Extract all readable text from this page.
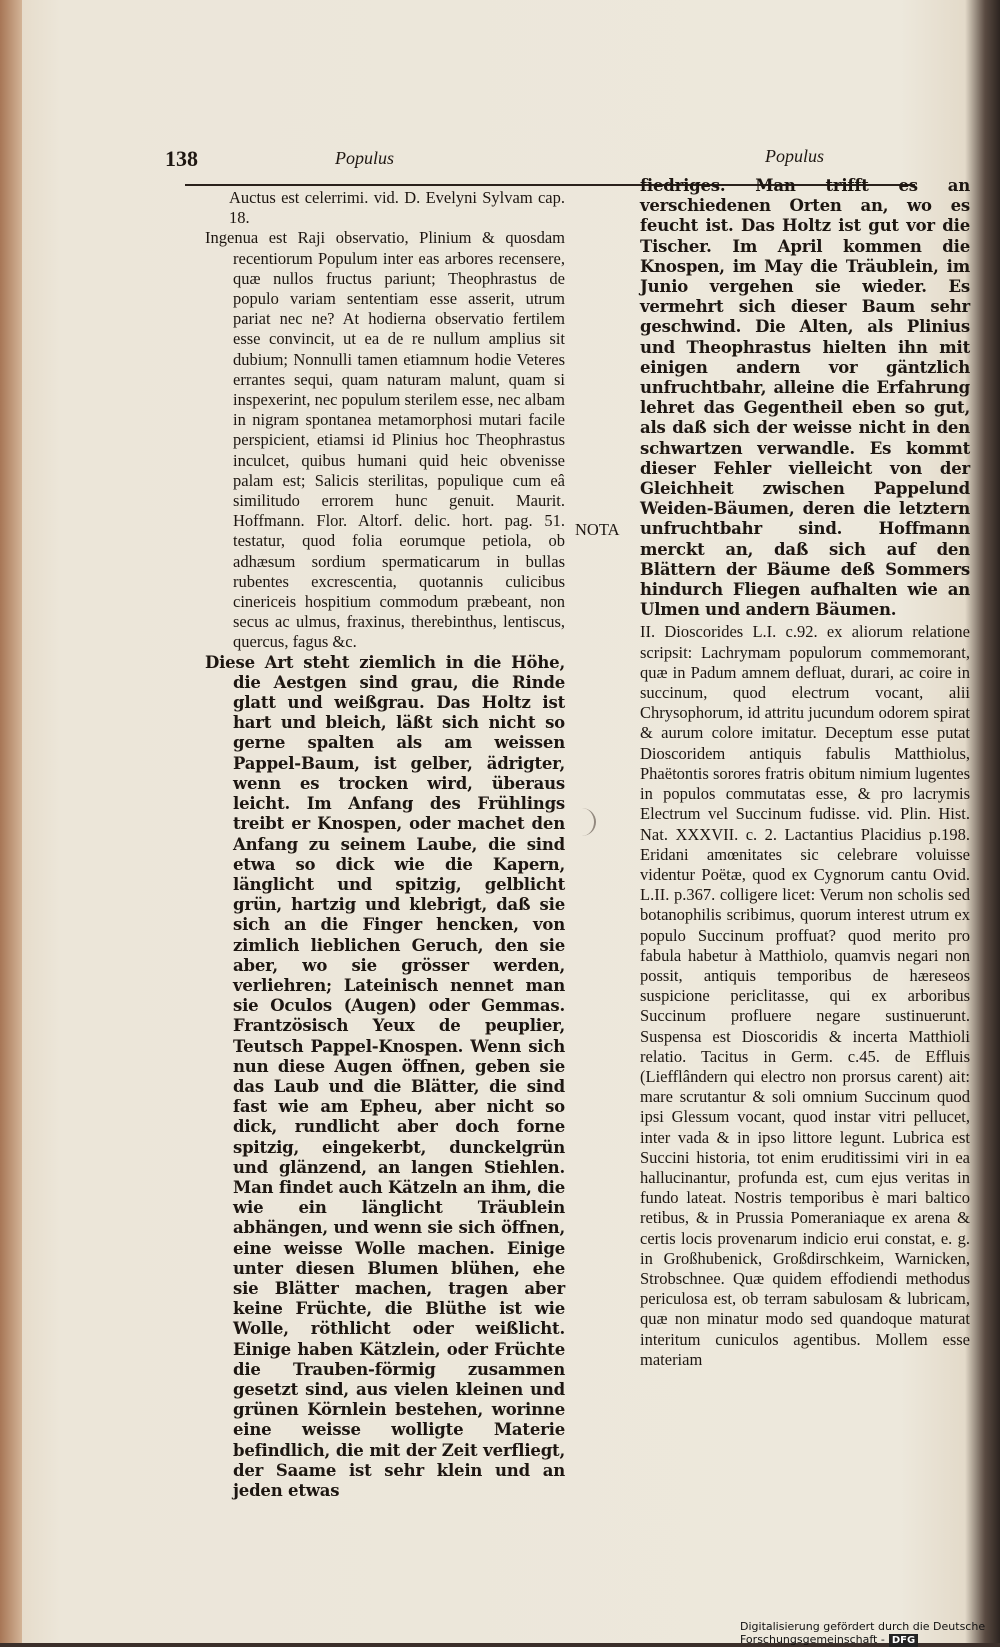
138	Populus	Populus

Auctus est celerrimi. vid. D. Evelyni Sylvam cap. 18.

Ingenua est Raji observatio, Plinium & quosdam recentiorum Populum inter eas arbores recensere, quæ nullos fructus pariunt; Theophrastus de populo variam sententiam esse asserit, utrum pariat nec ne? At hodierna observatio fertilem esse convincit, ut ea de re nullum amplius sit dubium; Nonnulli tamen etiamnum hodie Veteres errantes sequi, quam naturam malunt, quam si inspexerint, nec populum sterilem esse, nec albam in nigram spontanea metamorphosi mutari facile perspicient, etiamsi id Plinius hoc Theophrastus inculcet, quibus humani quid heic obvenisse palam est; Salicis sterilitas, populique cum eâ similitudo errorem hunc genuit. Maurit. Hoffmann. Flor. Altorf. delic. hort. pag. 51. testatur, quod folia eorumque petiola, ob adhæsum sordium spermaticarum in bullas rubentes excrescentia, quotannis culicibus cinericeis hospitium commodum præbeant, non secus ac ulmus, fraxinus, therebinthus, lentiscus, quercus, fagus &c.

Diese Art steht ziemlich in die Höhe, die Aestgen sind grau, die Rinde glatt und weißgrau. Das Holtz ist hart und bleich, läßt sich nicht so gerne spalten als am weissen Pappel-Baum, ist gelber, ädrigter, wenn es trocken wird, überaus leicht. Im Anfang des Frühlings treibt er Knospen, oder machet den Anfang zu seinem Laube, die sind etwa so dick wie die Kapern, länglicht und spitzig, gelblicht grün, hartzig und klebrigt, daß sie sich an die Finger hencken, von zimlich lieblichen Geruch, den sie aber, wo sie grösser werden, verliehren; Lateinisch nennet man sie Oculos (Augen) oder Gemmas. Frantzösisch Yeux de peuplier, Teutsch Pappel-Knospen. Wenn sich nun diese Augen öffnen, geben sie das Laub und die Blätter, die sind fast wie am Epheu, aber nicht so dick, rundlicht aber doch forne spitzig, eingekerbt, dunckelgrün und glänzend, an langen Stiehlen. Man findet auch Kätzeln an ihm, die wie ein länglicht Träublein abhängen, und wenn sie sich öffnen, eine weisse Wolle machen. Einige unter diesen Blumen blühen, ehe sie Blätter machen, tragen aber keine Früchte, die Blüthe ist wie Wolle, röthlicht oder weißlicht. Einige haben Kätzlein, oder Früchte die Trauben-förmig zusammen gesetzt sind, aus vielen kleinen und grünen Körnlein bestehen, worinne eine weisse wolligte Materie befindlich, die mit der Zeit verfliegt, der Saame ist sehr klein und an jeden etwas

fiedriges. Man trifft es an verschiedenen Orten an, wo es feucht ist. Das Holtz ist gut vor die Tischer. Im April kommen die Knospen, im May die Träublein, im Junio vergehen sie wieder. Es vermehrt sich dieser Baum sehr geschwind. Die Alten, als Plinius und Theophrastus hielten ihn mit einigen andern vor gäntzlich unfruchtbahr, alleine die Erfahrung lehret das Gegentheil eben so gut, als daß sich der weisse nicht in den schwartzen verwandle. Es kommt dieser Fehler vielleicht von der Gleichheit zwischen Pappelund Weiden-Bäumen, deren die letztern unfruchtbahr sind. Hoffmann merckt an, daß sich auf den Blättern der Bäume deß Sommers hindurch Fliegen aufhalten wie an Ulmen und andern Bäumen.

II. Dioscorides L.I. c.92. ex aliorum relatione scripsit: Lachrymam populorum commemorant, quæ in Padum amnem defluat, durari, ac coire in succinum, quod electrum vocant, alii Chrysophorum, id attritu jucundum odorem spirat & aurum colore imitatur. Deceptum esse putat Dioscoridem antiquis fabulis Matthiolus, Phaëtontis sorores fratris obitum nimium lugentes in populos commutatas esse, & pro lacrymis Electrum vel Succinum fudisse. vid. Plin. Hist. Nat. XXXVII. c. 2. Lactantius Placidius p.198. Eridani amœnitates sic celebrare voluisse videntur Poëtæ, quod ex Cygnorum cantu Ovid. L.II. p.367. colligere licet: Verum non scholis sed botanophilis scribimus, quorum interest utrum ex populo Succinum proffuat? quod merito pro fabula habetur à Matthiolo, quamvis negari non possit, antiquis temporibus de hæreseos suspicione periclitasse, qui ex arboribus Succinum profluere negare sustinuerunt. Suspensa est Dioscoridis & incerta Matthioli relatio. Tacitus in Germ. c.45. de Effluis (Liefflândern qui electro non prorsus carent) ait: mare scrutantur & soli omnium Succinum quod ipsi Glessum vocant, quod instar vitri pellucet, inter vada & in ipso littore legunt. Lubrica est Succini historia, tot enim eruditissimi viri in ea hallucinantur, profunda est, cum ejus veritas in fundo lateat. Nostris temporibus è mari baltico retibus, & in Prussia Pomeraniaque ex arena & certis locis provenarum indicio erui constat, e. g. in Großhubenick, Großdirschkeim, Warnicken, Strobschnee. Quæ quidem effodiendi methodus periculosa est, ob terram sabulosam & lubricam, quæ non minatur modo sed quandoque maturat interitum cuniculos agentibus. Mollem esse materiam

NOTA
Digitalisierung gefördert durch die Deutsche Forschungsgemeinschaft - DFG
